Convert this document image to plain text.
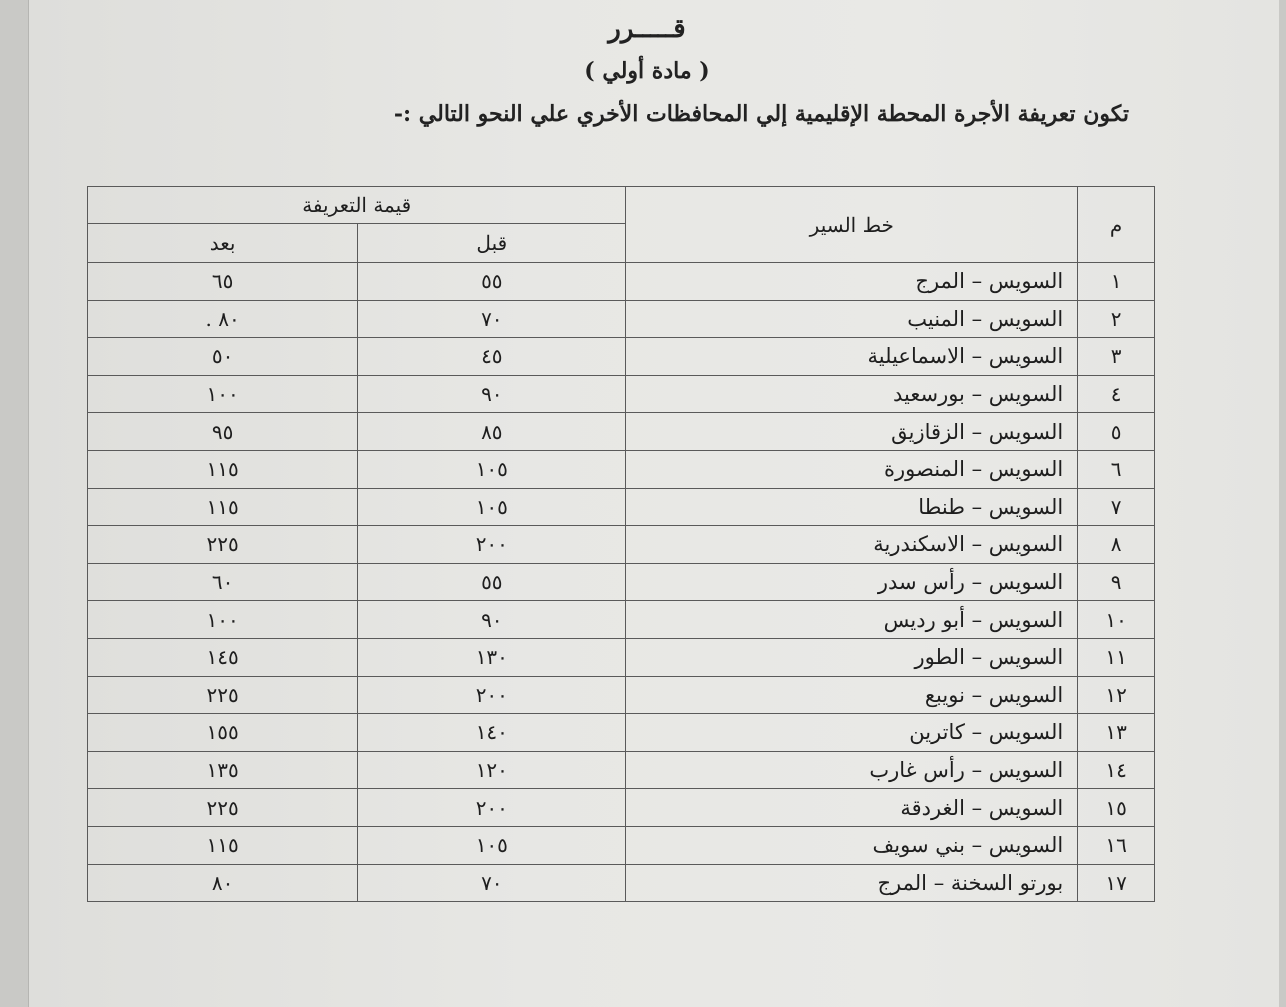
قـــــرر
( مادة أولي )
تكون تعريفة الأجرة المحطة الإقليمية إلي المحافظات الأخري علي النحو التالي :-
م	خط السير	قيمة التعريفة	
		قبل	بعد
١	السويس – المرج	٥٥	٦٥
٢	السويس – المنيب	٧٠	٨٠ .
٣	السويس – الاسماعيلية	٤٥	٥٠
٤	السويس – بورسعيد	٩٠	١٠٠
٥	السويس – الزقازيق	٨٥	٩٥
٦	السويس – المنصورة	١٠٥	١١٥
٧	السويس – طنطا	١٠٥	١١٥
٨	السويس – الاسكندرية	٢٠٠	٢٢٥
٩	السويس – رأس سدر	٥٥	٦٠
١٠	السويس – أبو رديس	٩٠	١٠٠
١١	السويس – الطور	١٣٠	١٤٥
١٢	السويس – نويبع	٢٠٠	٢٢٥
١٣	السويس – كاترين	١٤٠	١٥٥
١٤	السويس – رأس غارب	١٢٠	١٣٥
١٥	السويس – الغردقة	٢٠٠	٢٢٥
١٦	السويس – بني سويف	١٠٥	١١٥
١٧	بورتو السخنة – المرج	٧٠	٨٠
